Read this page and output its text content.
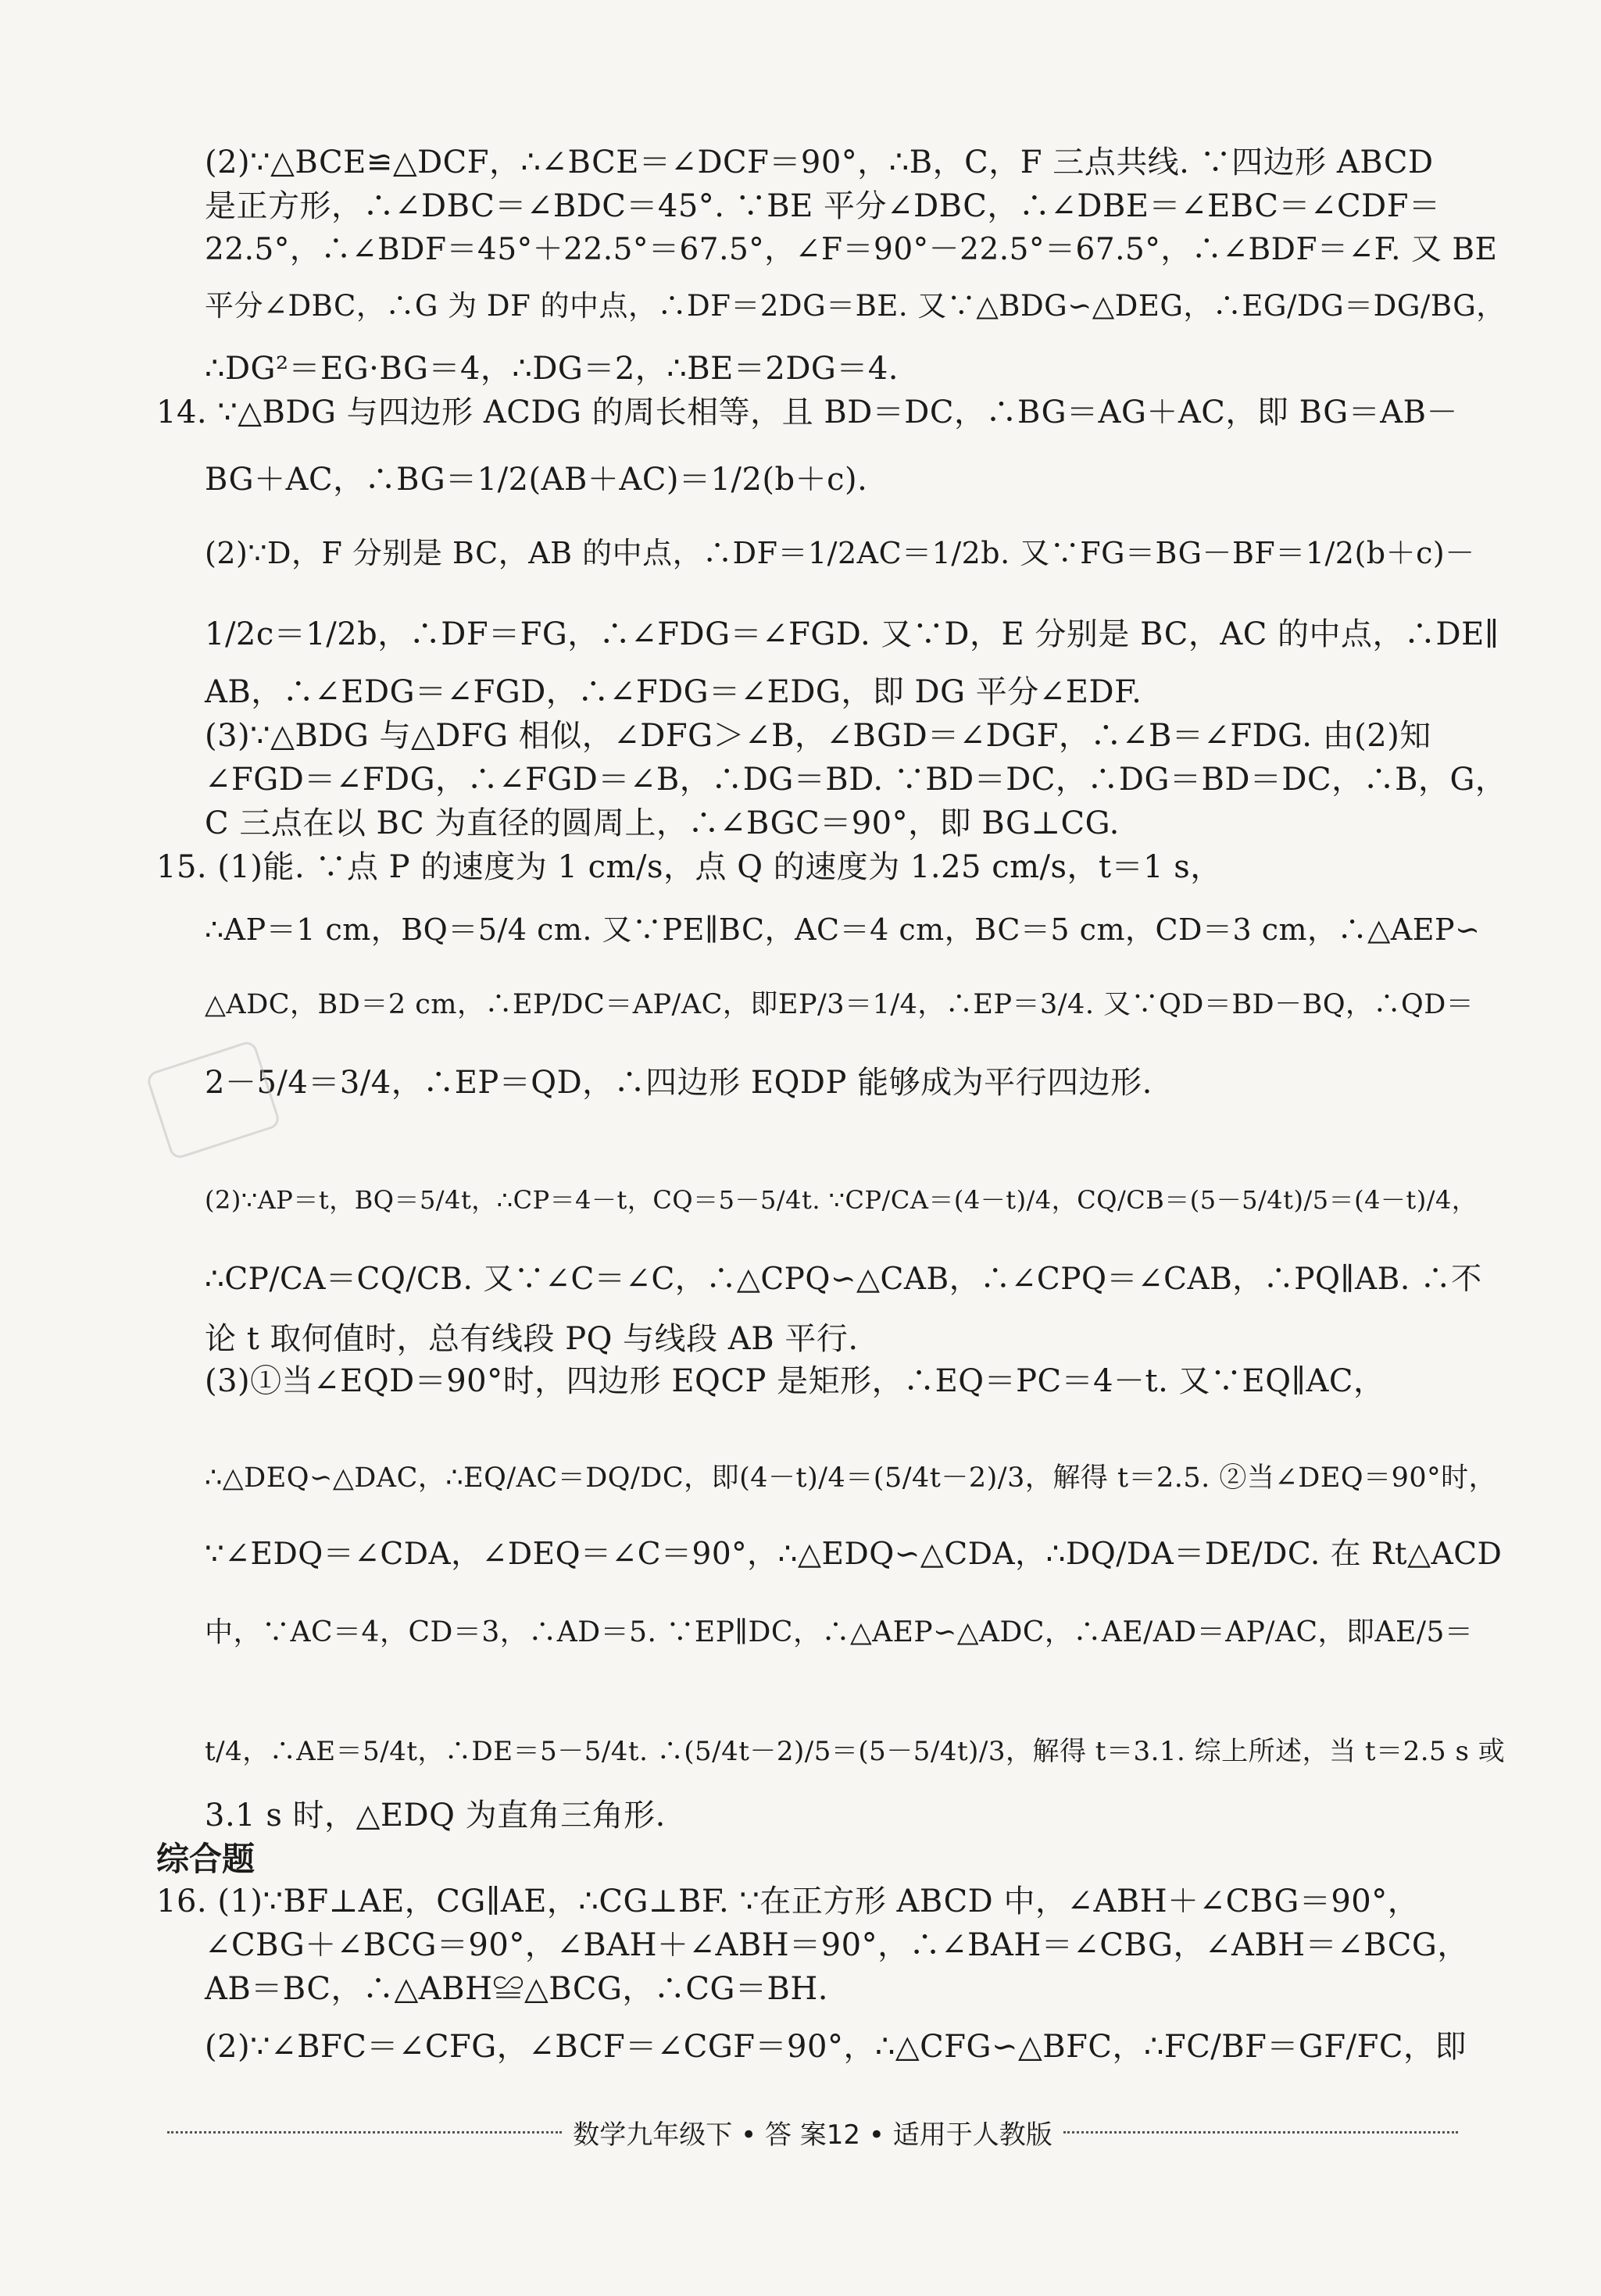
(2)∵△BCE≌△DCF，∴∠BCE＝∠DCF＝90°，∴B，C，F 三点共线. ∵四边形 ABCD
是正方形，∴∠DBC＝∠BDC＝45°. ∵BE 平分∠DBC，∴∠DBE＝∠EBC＝∠CDF＝
22.5°，∴∠BDF＝45°＋22.5°＝67.5°，∠F＝90°－22.5°＝67.5°，∴∠BDF＝∠F. 又 BE
平分∠DBC，∴G 为 DF 的中点，∴DF＝2DG＝BE. 又∵△BDG∽△DEG，∴EG/DG＝DG/BG，
∴DG²＝EG·BG＝4，∴DG＝2，∴BE＝2DG＝4.
14. ∵△BDG 与四边形 ACDG 的周长相等，且 BD＝DC，∴BG＝AG＋AC，即 BG＝AB－
BG＋AC，∴BG＝1/2(AB＋AC)＝1/2(b＋c).
(2)∵D，F 分别是 BC，AB 的中点，∴DF＝1/2AC＝1/2b. 又∵FG＝BG－BF＝1/2(b＋c)－
1/2c＝1/2b，∴DF＝FG，∴∠FDG＝∠FGD. 又∵D，E 分别是 BC，AC 的中点，∴DE∥
AB，∴∠EDG＝∠FGD，∴∠FDG＝∠EDG，即 DG 平分∠EDF.
(3)∵△BDG 与△DFG 相似，∠DFG＞∠B，∠BGD＝∠DGF，∴∠B＝∠FDG. 由(2)知
∠FGD＝∠FDG，∴∠FGD＝∠B，∴DG＝BD. ∵BD＝DC，∴DG＝BD＝DC，∴B，G，
C 三点在以 BC 为直径的圆周上，∴∠BGC＝90°，即 BG⊥CG.
15. (1)能. ∵点 P 的速度为 1 cm/s，点 Q 的速度为 1.25 cm/s，t＝1 s，
∴AP＝1 cm，BQ＝5/4 cm. 又∵PE∥BC，AC＝4 cm，BC＝5 cm，CD＝3 cm，∴△AEP∽
△ADC，BD＝2 cm，∴EP/DC＝AP/AC，即EP/3＝1/4，∴EP＝3/4. 又∵QD＝BD－BQ，∴QD＝
2－5/4＝3/4，∴EP＝QD，∴四边形 EQDP 能够成为平行四边形.
(2)∵AP＝t，BQ＝5/4t，∴CP＝4－t，CQ＝5－5/4t. ∵CP/CA＝(4－t)/4，CQ/CB＝(5－5/4t)/5＝(4－t)/4，
∴CP/CA＝CQ/CB. 又∵∠C＝∠C，∴△CPQ∽△CAB，∴∠CPQ＝∠CAB，∴PQ∥AB. ∴不
论 t 取何值时，总有线段 PQ 与线段 AB 平行.
(3)①当∠EQD＝90°时，四边形 EQCP 是矩形，∴EQ＝PC＝4－t. 又∵EQ∥AC，
∴△DEQ∽△DAC，∴EQ/AC＝DQ/DC，即(4－t)/4＝(5/4t－2)/3，解得 t＝2.5. ②当∠DEQ＝90°时，
∵∠EDQ＝∠CDA，∠DEQ＝∠C＝90°，∴△EDQ∽△CDA，∴DQ/DA＝DE/DC. 在 Rt△ACD
中，∵AC＝4，CD＝3，∴AD＝5. ∵EP∥DC，∴△AEP∽△ADC，∴AE/AD＝AP/AC，即AE/5＝
t/4，∴AE＝5/4t，∴DE＝5－5/4t. ∴(5/4t－2)/5＝(5－5/4t)/3，解得 t＝3.1. 综上所述，当 t＝2.5 s 或
3.1 s 时，△EDQ 为直角三角形.
综合题
16. (1)∵BF⊥AE，CG∥AE，∴CG⊥BF. ∵在正方形 ABCD 中，∠ABH＋∠CBG＝90°，
∠CBG＋∠BCG＝90°，∠BAH＋∠ABH＝90°，∴∠BAH＝∠CBG，∠ABH＝∠BCG，
AB＝BC，∴△ABH≌△BCG，∴CG＝BH.
(2)∵∠BFC＝∠CFG，∠BCF＝∠CGF＝90°，∴△CFG∽△BFC，∴FC/BF＝GF/FC，即
数学九年级下 • 答 案12 • 适用于人教版
